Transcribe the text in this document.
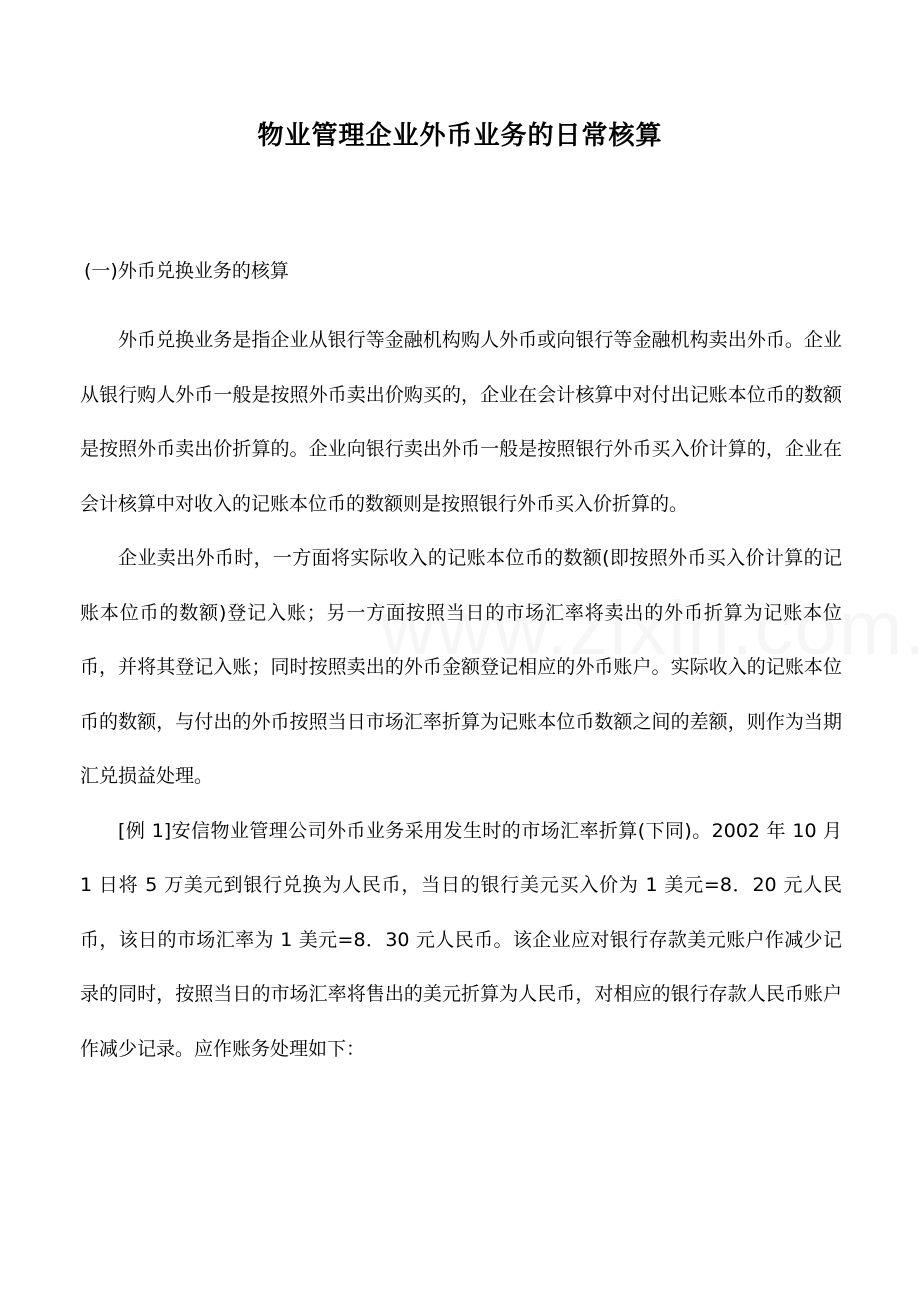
物业管理企业外币业务的日常核算
(一)外币兑换业务的核算

外币兑换业务是指企业从银行等金融机构购人外币或向银行等金融机构卖出外币。企业从银行购人外币一般是按照外币卖出价购买的，企业在会计核算中对付出记账本位币的数额是按照外币卖出价折算的。企业向银行卖出外币一般是按照银行外币买入价计算的，企业在会计核算中对收入的记账本位币的数额则是按照银行外币买入价折算的。

企业卖出外币时，一方面将实际收入的记账本位币的数额(即按照外币买入价计算的记账本位币的数额)登记入账；另一方面按照当日的市场汇率将卖出的外币折算为记账本位币，并将其登记入账；同时按照卖出的外币金额登记相应的外币账户。实际收入的记账本位币的数额，与付出的外币按照当日市场汇率折算为记账本位币数额之间的差额，则作为当期汇兑损益处理。

[例 1]安信物业管理公司外币业务采用发生时的市场汇率折算(下同)。2002 年 10 月 1 日将 5 万美元到银行兑换为人民币，当日的银行美元买入价为 1 美元=8．20 元人民币，该日的市场汇率为 1 美元=8．30 元人民币。该企业应对银行存款美元账户作减少记录的同时，按照当日的市场汇率将售出的美元折算为人民币，对相应的银行存款人民币账户作减少记录。应作账务处理如下：
